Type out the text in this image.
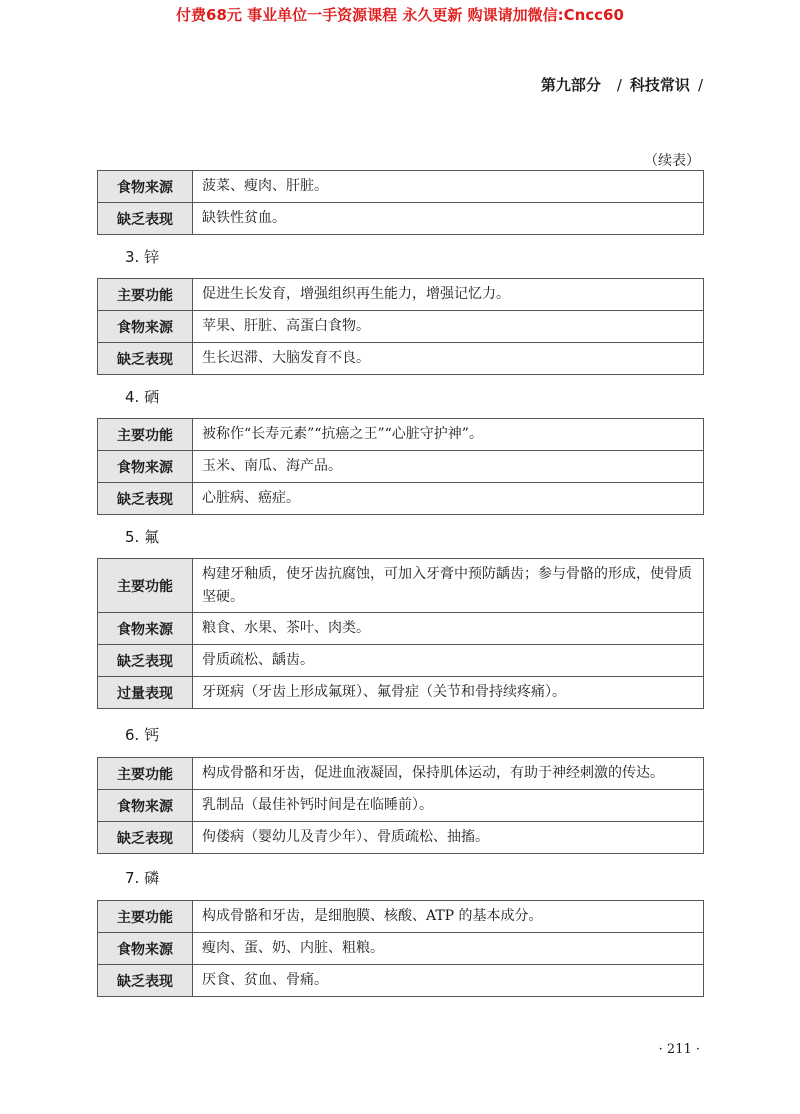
付费68元 事业单位一手资源课程 永久更新 购课请加微信:Cncc60
第九部分 / 科技常识 /
（续表）
食物来源	菠菜、瘦肉、肝脏。
缺乏表现	缺铁性贫血。
3. 锌
主要功能	促进生长发育，增强组织再生能力，增强记忆力。
食物来源	苹果、肝脏、高蛋白食物。
缺乏表现	生长迟滞、大脑发育不良。
4. 硒
主要功能	被称作“长寿元素”“抗癌之王”“心脏守护神”。
食物来源	玉米、南瓜、海产品。
缺乏表现	心脏病、癌症。
5. 氟
主要功能	构建牙釉质，使牙齿抗腐蚀，可加入牙膏中预防龋齿；参与骨骼的形成，使骨质坚硬。
食物来源	粮食、水果、茶叶、肉类。
缺乏表现	骨质疏松、龋齿。
过量表现	牙斑病（牙齿上形成氟斑）、氟骨症（关节和骨持续疼痛）。
6. 钙
主要功能	构成骨骼和牙齿，促进血液凝固，保持肌体运动，有助于神经刺激的传达。
食物来源	乳制品（最佳补钙时间是在临睡前）。
缺乏表现	佝偻病（婴幼儿及青少年）、骨质疏松、抽搐。
7. 磷
主要功能	构成骨骼和牙齿，是细胞膜、核酸、ATP 的基本成分。
食物来源	瘦肉、蛋、奶、内脏、粗粮。
缺乏表现	厌食、贫血、骨痛。
· 211 ·
